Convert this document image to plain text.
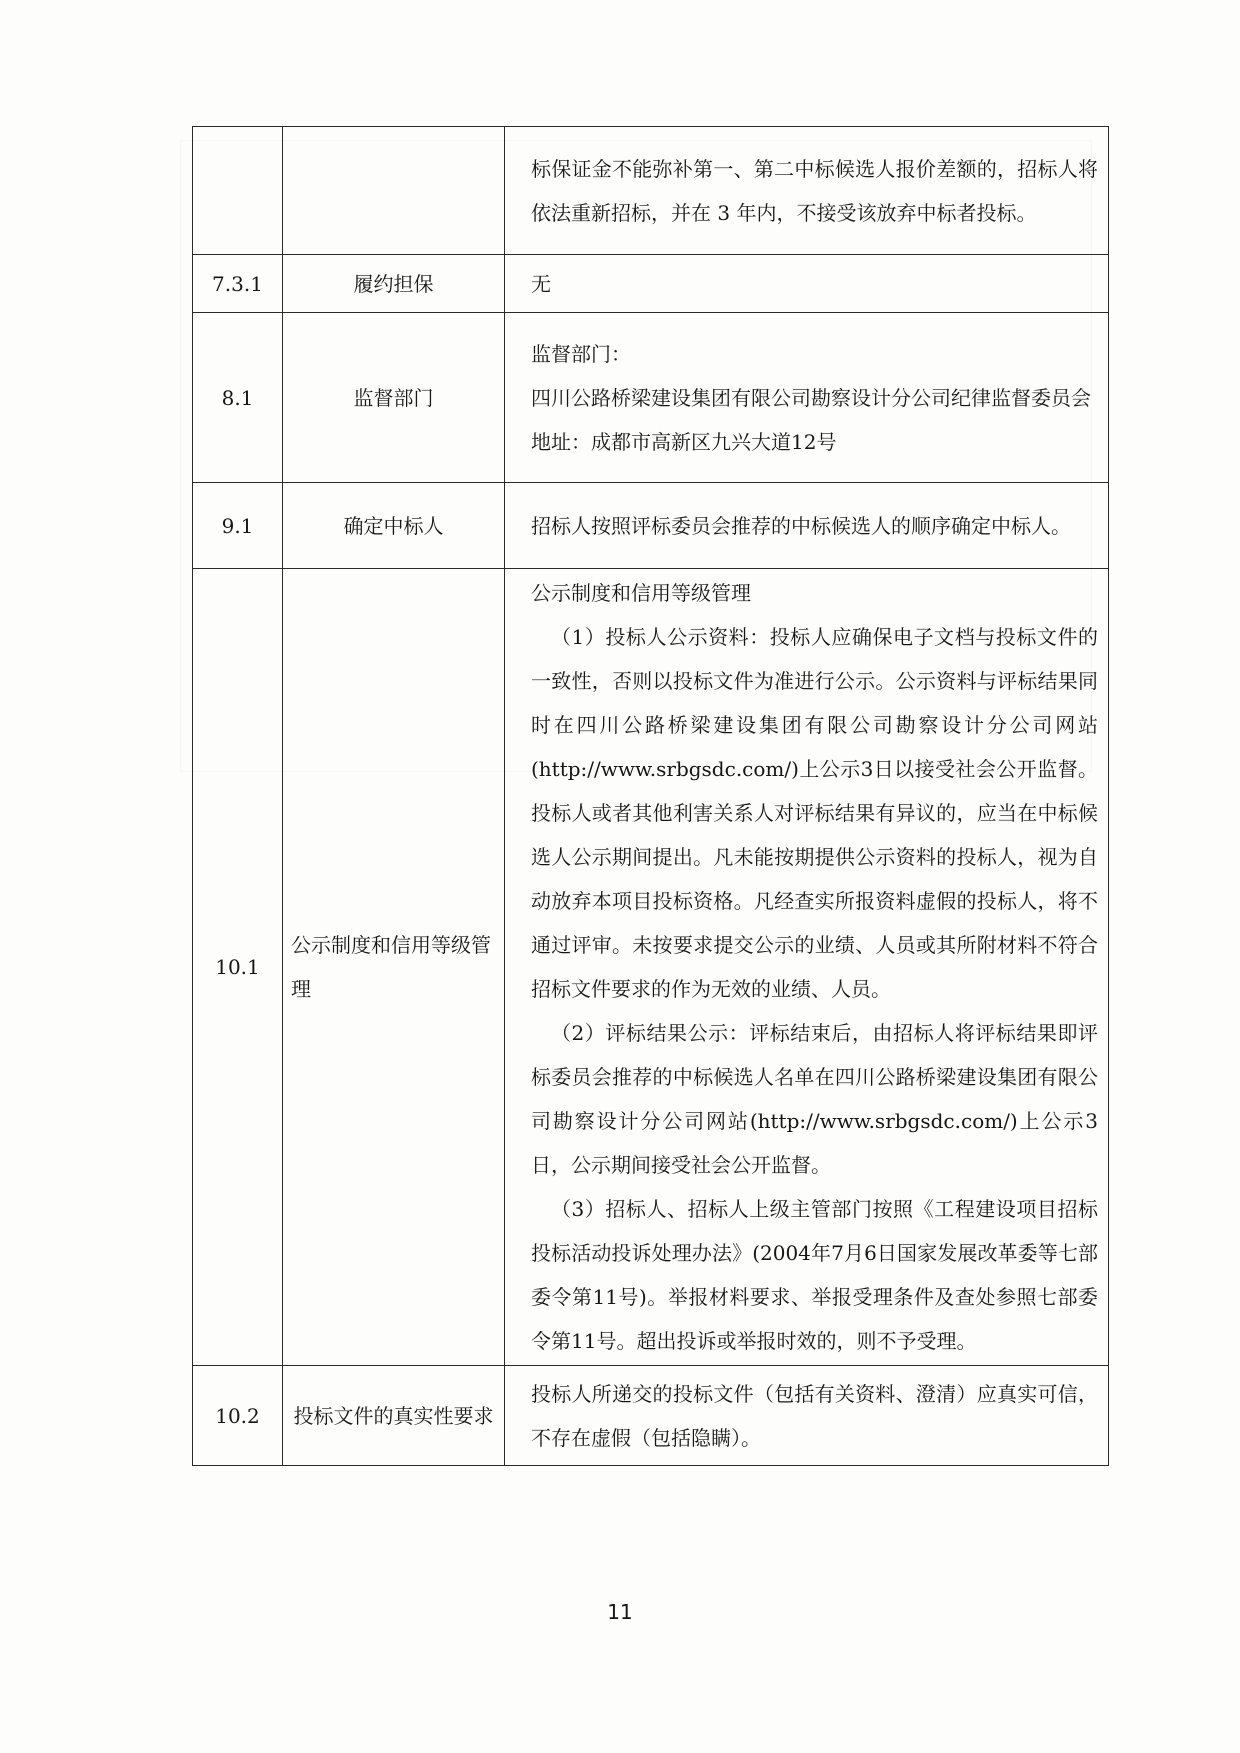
		标保证金不能弥补第一、第二中标候选人报价差额的，招标人将依法重新招标，并在 3 年内，不接受该放弃中标者投标。

7.3.1	履约担保	无

8.1	监督部门	监督部门：

四川公路桥梁建设集团有限公司勘察设计分公司纪律监督委员会

地址：成都市高新区九兴大道12号

9.1	确定中标人	招标人按照评标委员会推荐的中标候选人的顺序确定中标人。

10.1	公示制度和信用等级管理	公示制度和信用等级管理

（1）投标人公示资料：投标人应确保电子文档与投标文件的一致性，否则以投标文件为准进行公示。公示资料与评标结果同时在四川公路桥梁建设集团有限公司勘察设计分公司网站(http://www.srbgsdc.com/)上公示3日以接受社会公开监督。投标人或者其他利害关系人对评标结果有异议的，应当在中标候选人公示期间提出。凡未能按期提供公示资料的投标人，视为自动放弃本项目投标资格。凡经查实所报资料虚假的投标人，将不通过评审。未按要求提交公示的业绩、人员或其所附材料不符合招标文件要求的作为无效的业绩、人员。

（2）评标结果公示：评标结束后，由招标人将评标结果即评标委员会推荐的中标候选人名单在四川公路桥梁建设集团有限公司勘察设计分公司网站(http://www.srbgsdc.com/)上公示3日，公示期间接受社会公开监督。

（3）招标人、招标人上级主管部门按照《工程建设项目招标投标活动投诉处理办法》(2004年7月6日国家发展改革委等七部委令第11号)。举报材料要求、举报受理条件及查处参照七部委令第11号。超出投诉或举报时效的，则不予受理。

10.2	投标文件的真实性要求	投标人所递交的投标文件（包括有关资料、澄清）应真实可信，不存在虚假（包括隐瞒）。

11
